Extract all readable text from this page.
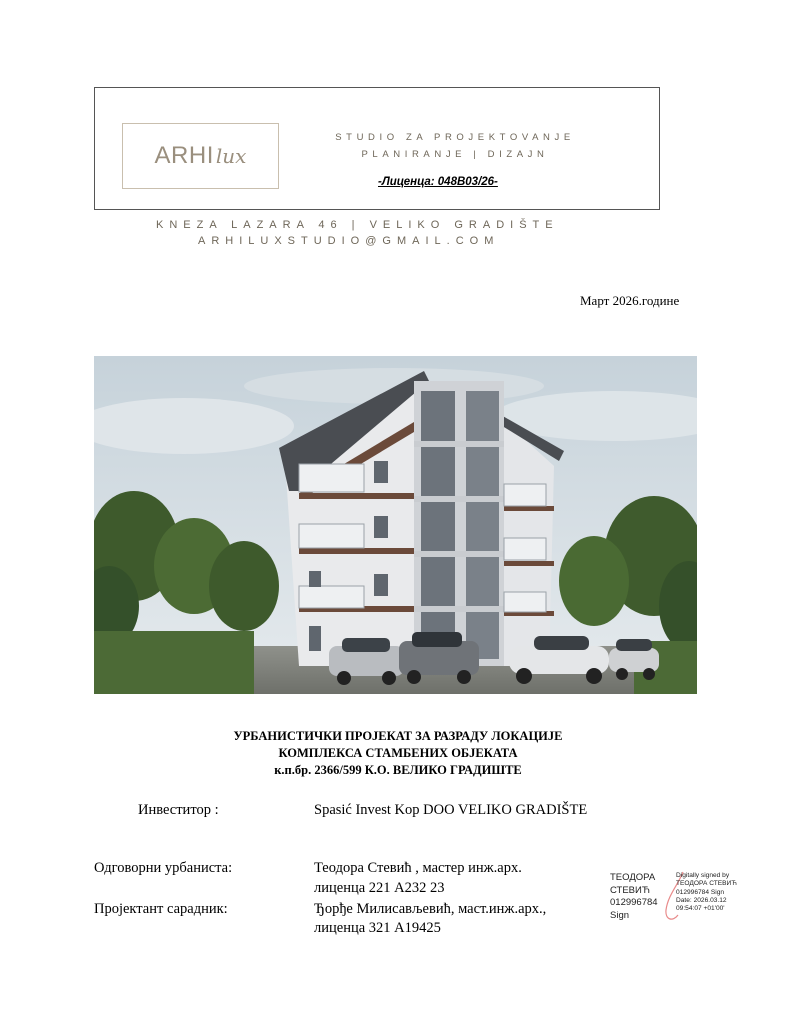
ARHI lux
STUDIO ZA PROJEKTOVANJE
PLANIRANJE | DIZAJN
-Лиценца: 048B03/26-
KNEZA LAZARA 46 | VELIKO GRADIŠTE
ARHILUXSTUDIO@GMAIL.COM
Март 2026.године
УРБАНИСТИЧКИ ПРОЈЕКАТ ЗА РАЗРАДУ ЛОКАЦИЈЕ
КОМПЛЕКСА СТАМБЕНИХ ОБЈЕКАТА
к.п.бр. 2366/599 К.О. ВЕЛИКО ГРАДИШТЕ
Инвеститор :	Spasić Invest Kop DOO VELIKO GRADIŠTE
Одговорни урбаниста:	Теодора Стевић , мастер инж.арх.
лиценца 221 А232 23
Пројектант сарадник:	Ђорђе Милисављевић, маст.инж.арх.,
лиценца 321 А19425
ТЕОДОРА
СТЕВИЋ
012996784
Sign
Digitally signed by
ТЕОДОРА СТЕВИЋ
012996784 Sign
Date: 2026.03.12
09:54:07 +01'00'
